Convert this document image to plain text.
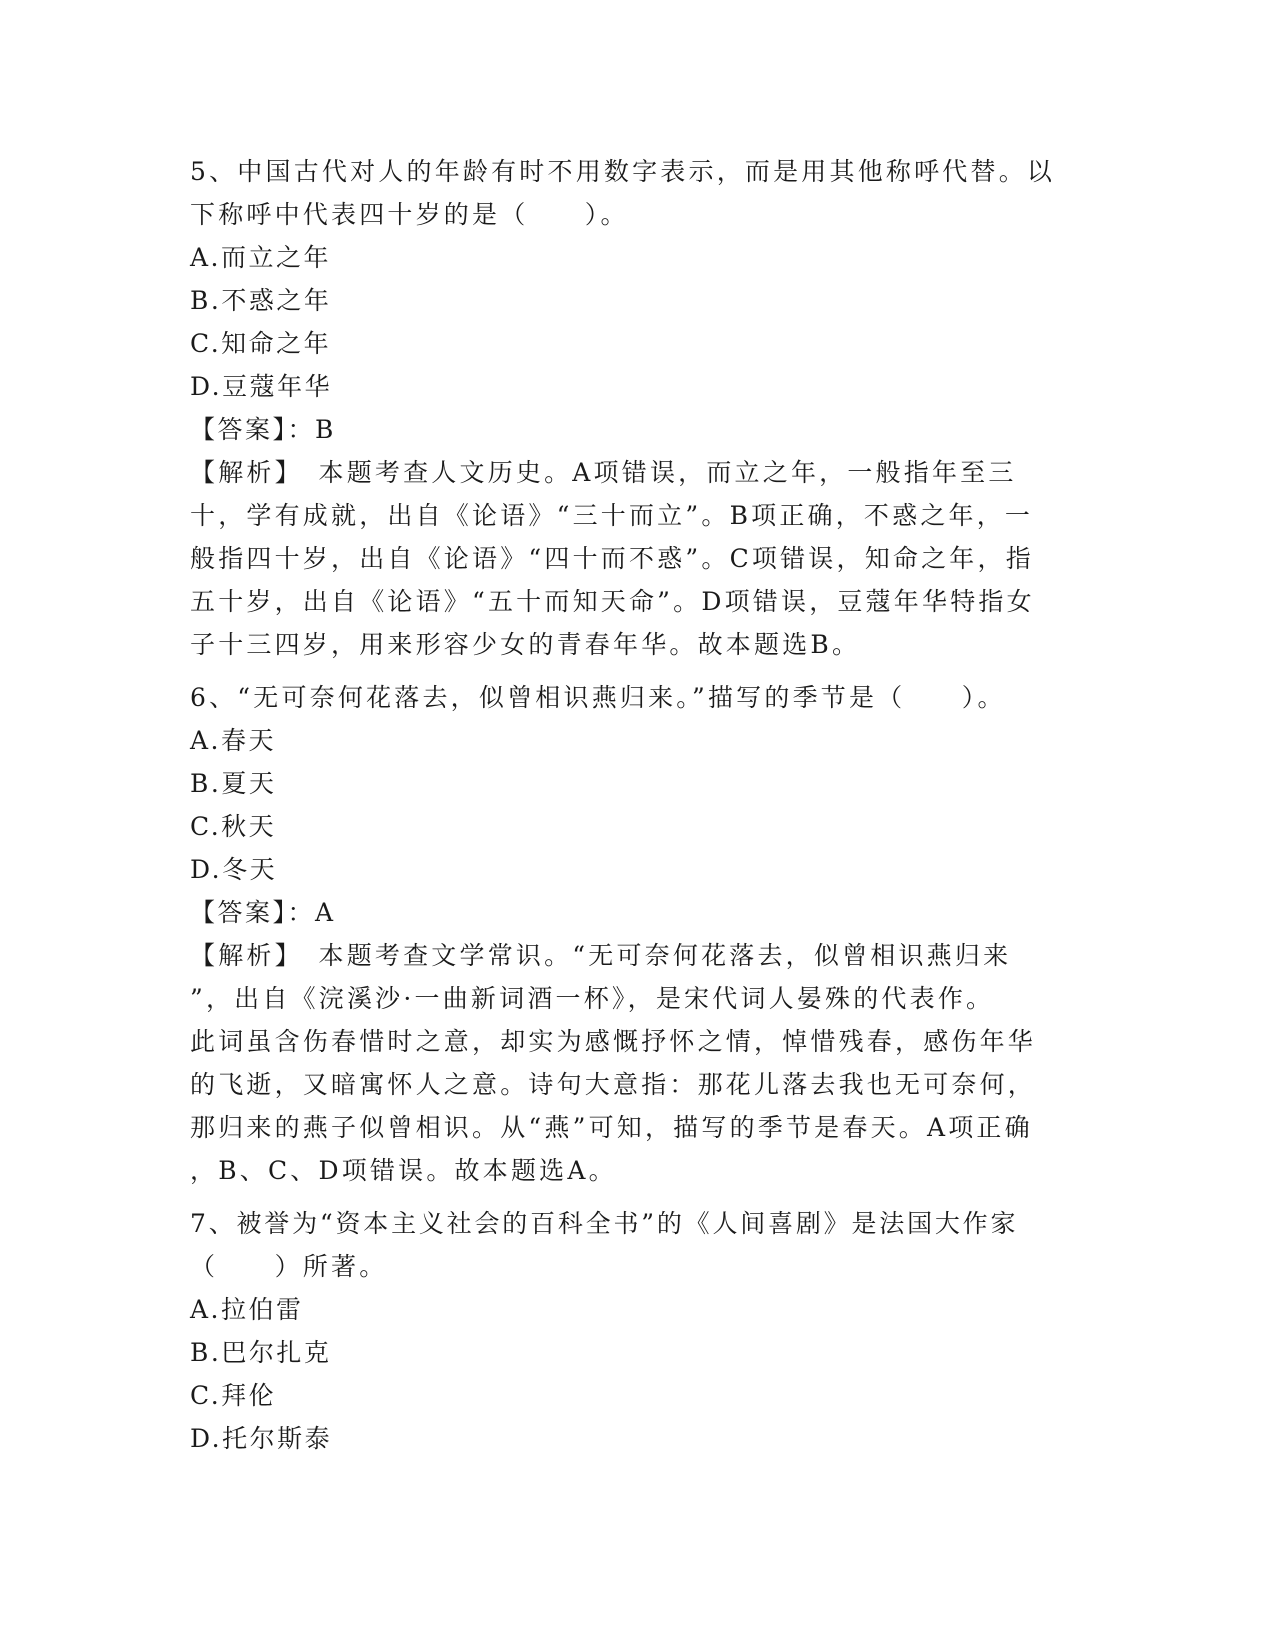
5、中国古代对人的年龄有时不用数字表示，而是用其他称呼代替。以
下称呼中代表四十岁的是（　　）。
A.而立之年
B.不惑之年
C.知命之年
D.豆蔻年华
【答案】：B
【解析】　本题考查人文历史。A项错误，而立之年，一般指年至三
十，学有成就，出自《论语》“三十而立”。B项正确，不惑之年，一
般指四十岁，出自《论语》“四十而不惑”。C项错误，知命之年，指
五十岁，出自《论语》“五十而知天命”。D项错误，豆蔻年华特指女
子十三四岁，用来形容少女的青春年华。故本题选B。
6、“无可奈何花落去，似曾相识燕归来。”描写的季节是（　　）。
A.春天
B.夏天
C.秋天
D.冬天
【答案】：A
【解析】　本题考查文学常识。“无可奈何花落去，似曾相识燕归来
”，出自《浣溪沙·一曲新词酒一杯》，是宋代词人晏殊的代表作。
此词虽含伤春惜时之意，却实为感慨抒怀之情，悼惜残春，感伤年华
的飞逝，又暗寓怀人之意。诗句大意指：那花儿落去我也无可奈何，
那归来的燕子似曾相识。从“燕”可知，描写的季节是春天。A项正确
，B、C、D项错误。故本题选A。
7、被誉为“资本主义社会的百科全书”的《人间喜剧》是法国大作家
（　　）所著。
A.拉伯雷
B.巴尔扎克
C.拜伦
D.托尔斯泰
